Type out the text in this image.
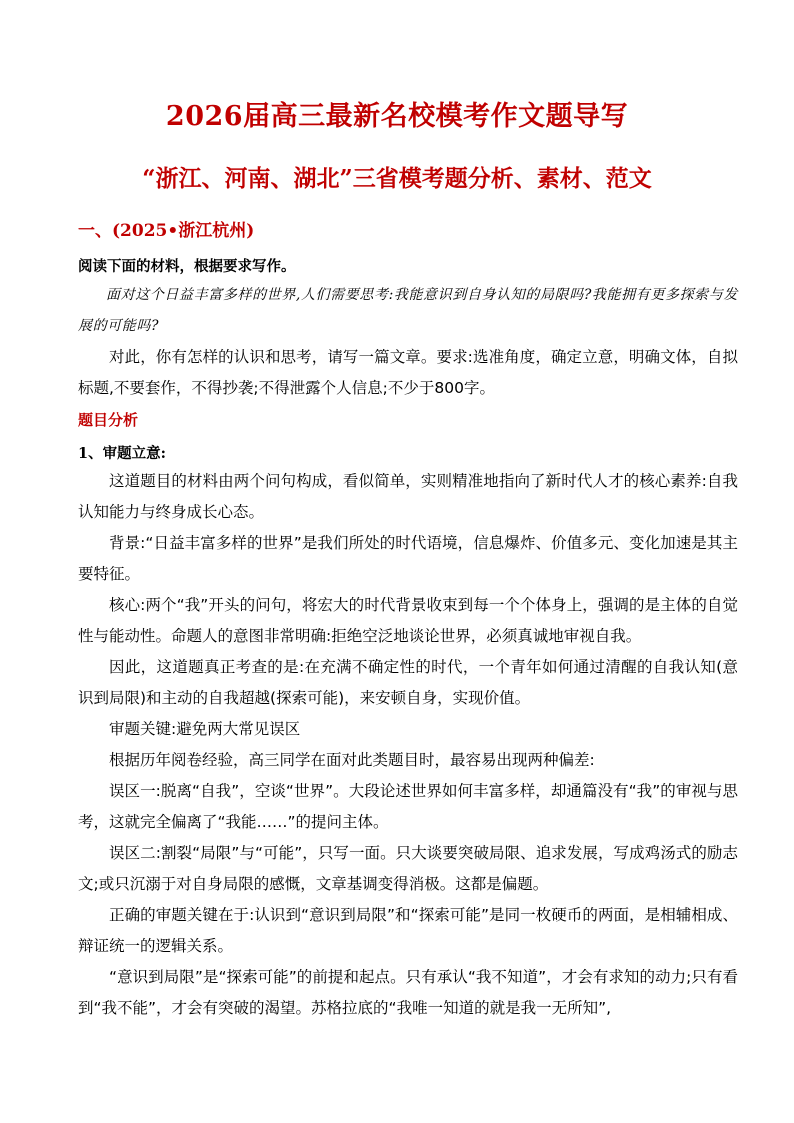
2026届高三最新名校模考作文题导写
“浙江、河南、湖北”三省模考题分析、素材、范文
一、(2025•浙江杭州)
阅读下面的材料，根据要求写作。
面对这个日益丰富多样的世界,人们需要思考:我能意识到自身认知的局限吗?我能拥有更多探索与发展的可能吗?
对此，你有怎样的认识和思考，请写一篇文章。要求:选准角度，确定立意，明确文体，自拟标题,不要套作，不得抄袭;不得泄露个人信息;不少于800字。
题目分析
1、审题立意:
这道题目的材料由两个问句构成，看似简单，实则精准地指向了新时代人才的核心素养:自我认知能力与终身成长心态。
背景:“日益丰富多样的世界”是我们所处的时代语境，信息爆炸、价值多元、变化加速是其主要特征。
核心:两个“我”开头的问句，将宏大的时代背景收束到每一个个体身上，强调的是主体的自觉性与能动性。命题人的意图非常明确:拒绝空泛地谈论世界，必须真诚地审视自我。
因此，这道题真正考查的是:在充满不确定性的时代，一个青年如何通过清醒的自我认知(意识到局限)和主动的自我超越(探索可能)，来安顿自身，实现价值。
审题关键:避免两大常见误区
根据历年阅卷经验，高三同学在面对此类题目时，最容易出现两种偏差:
误区一:脱离“自我”，空谈“世界”。大段论述世界如何丰富多样，却通篇没有“我”的审视与思考，这就完全偏离了“我能……”的提问主体。
误区二:割裂“局限”与“可能”，只写一面。只大谈要突破局限、追求发展，写成鸡汤式的励志文;或只沉溺于对自身局限的感慨，文章基调变得消极。这都是偏题。
正确的审题关键在于:认识到“意识到局限”和“探索可能”是同一枚硬币的两面，是相辅相成、辩证统一的逻辑关系。
“意识到局限”是“探索可能”的前提和起点。只有承认“我不知道”，才会有求知的动力;只有看到“我不能”，才会有突破的渴望。苏格拉底的“我唯一知道的就是我一无所知”,
